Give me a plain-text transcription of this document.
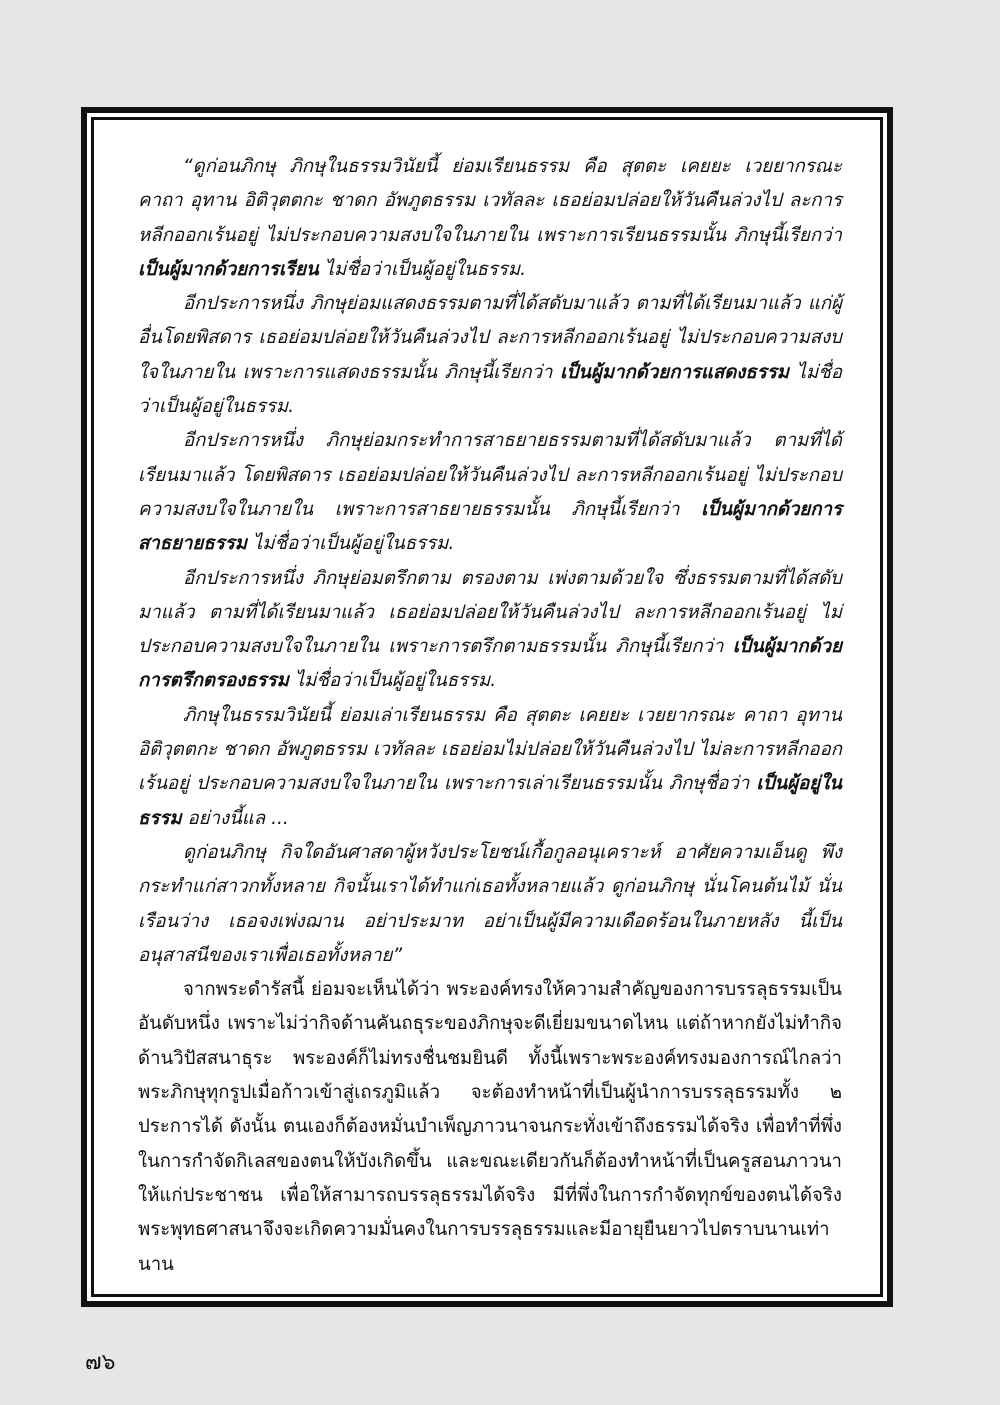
“ดูก่อนภิกษุ ภิกษุในธรรมวินัยนี้ ย่อมเรียนธรรม คือ สุตตะ เคยยะ เวยยากรณะ คาถา อุทาน อิติวุตตกะ ชาดก อัพภูตธรรม เวทัลละ เธอย่อมปล่อยให้วันคืนล่วงไป ละการหลีกออกเร้นอยู่ ไม่ประกอบความสงบใจในภายใน เพราะการเรียนธรรมนั้น ภิกษุนี้เรียกว่า เป็นผู้มากด้วยการเรียน ไม่ชื่อว่าเป็นผู้อยู่ในธรรม.

อีกประการหนึ่ง ภิกษุย่อมแสดงธรรมตามที่ได้สดับมาแล้ว ตามที่ได้เรียนมาแล้ว แก่ผู้อื่นโดยพิสดาร เธอย่อมปล่อยให้วันคืนล่วงไป ละการหลีกออกเร้นอยู่ ไม่ประกอบความสงบใจในภายใน เพราะการแสดงธรรมนั้น ภิกษุนี้เรียกว่า เป็นผู้มากด้วยการแสดงธรรม ไม่ชื่อว่าเป็นผู้อยู่ในธรรม.

อีกประการหนึ่ง ภิกษุย่อมกระทำการสาธยายธรรมตามที่ได้สดับมาแล้ว ตามที่ได้เรียนมาแล้ว โดยพิสดาร เธอย่อมปล่อยให้วันคืนล่วงไป ละการหลีกออกเร้นอยู่ ไม่ประกอบความสงบใจในภายใน เพราะการสาธยายธรรมนั้น ภิกษุนี้เรียกว่า เป็นผู้มากด้วยการสาธยายธรรม ไม่ชื่อว่าเป็นผู้อยู่ในธรรม.

อีกประการหนึ่ง ภิกษุย่อมตรึกตาม ตรองตาม เพ่งตามด้วยใจ ซึ่งธรรมตามที่ได้สดับมาแล้ว ตามที่ได้เรียนมาแล้ว เธอย่อมปล่อยให้วันคืนล่วงไป ละการหลีกออกเร้นอยู่ ไม่ประกอบความสงบใจในภายใน เพราะการตรึกตามธรรมนั้น ภิกษุนี้เรียกว่า เป็นผู้มากด้วยการตรึกตรองธรรม ไม่ชื่อว่าเป็นผู้อยู่ในธรรม.

ภิกษุในธรรมวินัยนี้ ย่อมเล่าเรียนธรรม คือ สุตตะ เคยยะ เวยยากรณะ คาถา อุทาน อิติวุตตกะ ชาดก อัพภูตธรรม เวทัลละ เธอย่อมไม่ปล่อยให้วันคืนล่วงไป ไม่ละการหลีกออกเร้นอยู่ ประกอบความสงบใจในภายใน เพราะการเล่าเรียนธรรมนั้น ภิกษุชื่อว่า เป็นผู้อยู่ในธรรม อย่างนี้แล ...

ดูก่อนภิกษุ กิจใดอันศาสดาผู้หวังประโยชน์เกื้อกูลอนุเคราะห์ อาศัยความเอ็นดู พึงกระทำแก่สาวกทั้งหลาย กิจนั้นเราได้ทำแก่เธอทั้งหลายแล้ว ดูก่อนภิกษุ นั่นโคนต้นไม้ นั่นเรือนว่าง เธอจงเพ่งฌาน อย่าประมาท อย่าเป็นผู้มีความเดือดร้อนในภายหลัง นี้เป็นอนุสาสนีของเราเพื่อเธอทั้งหลาย”

จากพระดำรัสนี้ ย่อมจะเห็นได้ว่า พระองค์ทรงให้ความสำคัญของการบรรลุธรรมเป็นอันดับหนึ่ง เพราะไม่ว่ากิจด้านคันถธุระของภิกษุจะดีเยี่ยมขนาดไหน แต่ถ้าหากยังไม่ทำกิจด้านวิปัสสนาธุระ พระองค์ก็ไม่ทรงชื่นชมยินดี ทั้งนี้เพราะพระองค์ทรงมองการณ์ไกลว่าพระภิกษุทุกรูปเมื่อก้าวเข้าสู่เถรภูมิแล้ว จะต้องทำหน้าที่เป็นผู้นำการบรรลุธรรมทั้ง ๒ ประการได้ ดังนั้น ตนเองก็ต้องหมั่นบำเพ็ญภาวนาจนกระทั่งเข้าถึงธรรมได้จริง เพื่อทำที่พึ่งในการกำจัดกิเลสของตนให้บังเกิดขึ้น และขณะเดียวกันก็ต้องทำหน้าที่เป็นครูสอนภาวนาให้แก่ประชาชน เพื่อให้สามารถบรรลุธรรมได้จริง มีที่พึ่งในการกำจัดทุกข์ของตนได้จริง พระพุทธศาสนาจึงจะเกิดความมั่นคงในการบรรลุธรรมและมีอายุยืนยาวไปตราบนานเท่านาน

๗๖
